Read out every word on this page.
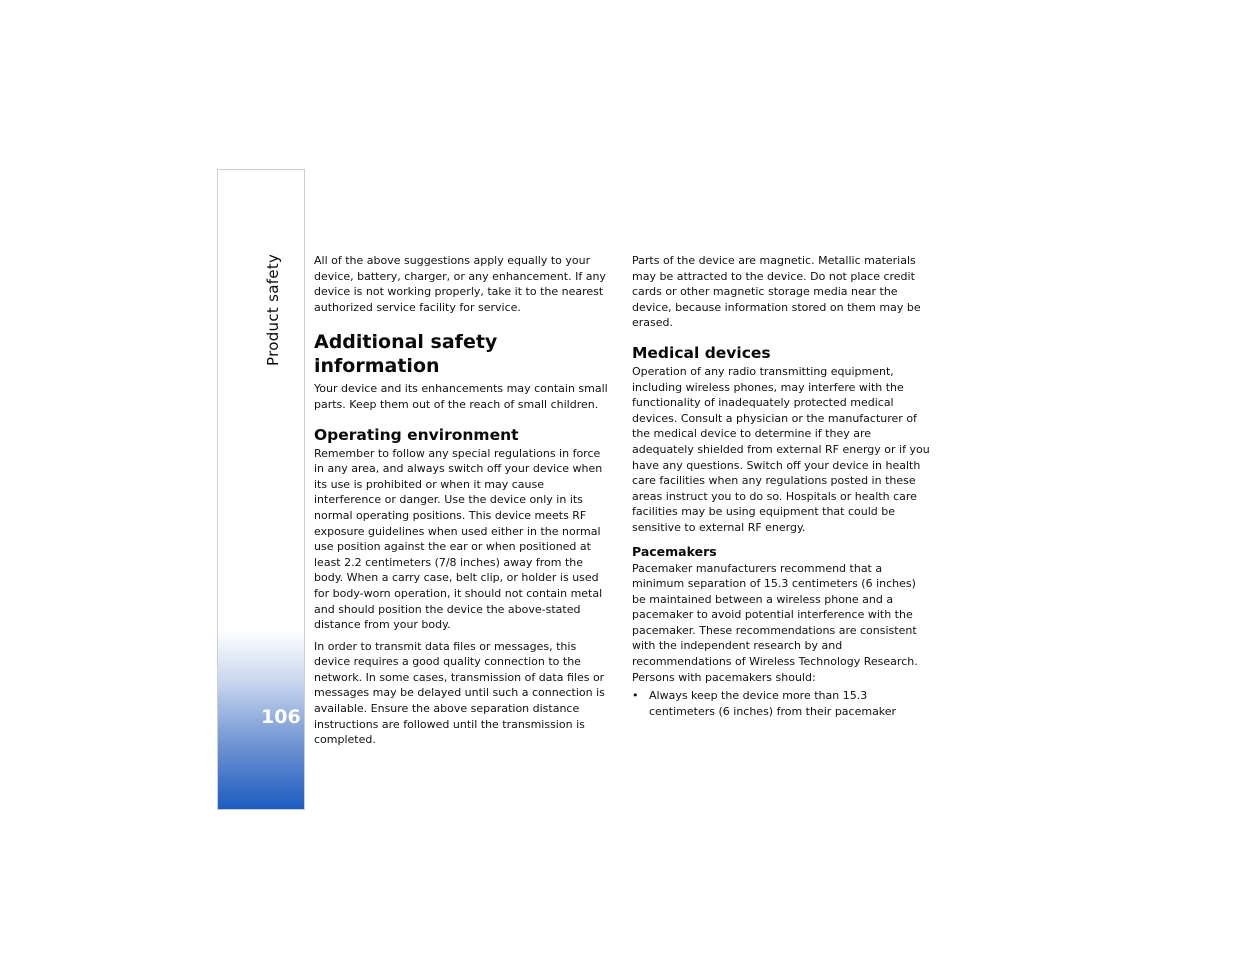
Product safety
106

All of the above suggestions apply equally to your device, battery, charger, or any enhancement. If any device is not working properly, take it to the nearest authorized service facility for service.

Additional safety information

Your device and its enhancements may contain small parts. Keep them out of the reach of small children.

Operating environment

Remember to follow any special regulations in force in any area, and always switch off your device when its use is prohibited or when it may cause interference or danger. Use the device only in its normal operating positions. This device meets RF exposure guidelines when used either in the normal use position against the ear or when positioned at least 2.2 centimeters (7/8 inches) away from the body. When a carry case, belt clip, or holder is used for body-worn operation, it should not contain metal and should position the device the above-stated distance from your body.

In order to transmit data files or messages, this device requires a good quality connection to the network. In some cases, transmission of data files or messages may be delayed until such a connection is available. Ensure the above separation distance instructions are followed until the transmission is completed.

Parts of the device are magnetic. Metallic materials may be attracted to the device. Do not place credit cards or other magnetic storage media near the device, because information stored on them may be erased.

Medical devices

Operation of any radio transmitting equipment, including wireless phones, may interfere with the functionality of inadequately protected medical devices. Consult a physician or the manufacturer of the medical device to determine if they are adequately shielded from external RF energy or if you have any questions. Switch off your device in health care facilities when any regulations posted in these areas instruct you to do so. Hospitals or health care facilities may be using equipment that could be sensitive to external RF energy.

Pacemakers

Pacemaker manufacturers recommend that a minimum separation of 15.3 centimeters (6 inches) be maintained between a wireless phone and a pacemaker to avoid potential interference with the pacemaker. These recommendations are consistent with the independent research by and recommendations of Wireless Technology Research. Persons with pacemakers should:

• Always keep the device more than 15.3 centimeters (6 inches) from their pacemaker
